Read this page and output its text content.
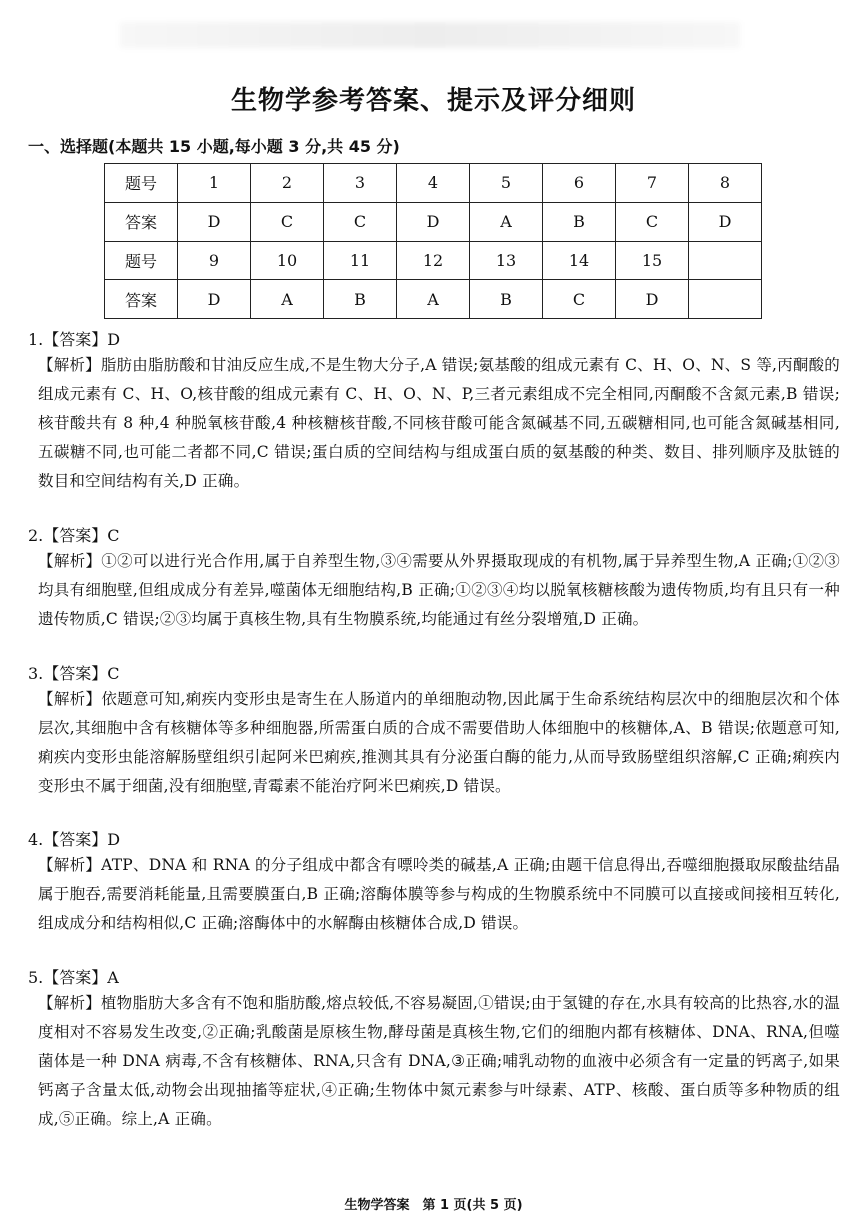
生物学参考答案、提示及评分细则
一、选择题(本题共 15 小题,每小题 3 分,共 45 分)
题号	1	2	3	4	5	6	7	8
答案	D	C	C	D	A	B	C	D
题号	9	10	11	12	13	14	15	
答案	D	A	B	A	B	C	D	
1.【答案】D
【解析】脂肪由脂肪酸和甘油反应生成,不是生物大分子,A 错误;氨基酸的组成元素有 C、H、O、N、S 等,丙酮酸的组成元素有 C、H、O,核苷酸的组成元素有 C、H、O、N、P,三者元素组成不完全相同,丙酮酸不含氮元素,B 错误;核苷酸共有 8 种,4 种脱氧核苷酸,4 种核糖核苷酸,不同核苷酸可能含氮碱基不同,五碳糖相同,也可能含氮碱基相同,五碳糖不同,也可能二者都不同,C 错误;蛋白质的空间结构与组成蛋白质的氨基酸的种类、数目、排列顺序及肽链的数目和空间结构有关,D 正确。
2.【答案】C
【解析】①②可以进行光合作用,属于自养型生物,③④需要从外界摄取现成的有机物,属于异养型生物,A 正确;①②③均具有细胞壁,但组成成分有差异,噬菌体无细胞结构,B 正确;①②③④均以脱氧核糖核酸为遗传物质,均有且只有一种遗传物质,C 错误;②③均属于真核生物,具有生物膜系统,均能通过有丝分裂增殖,D 正确。
3.【答案】C
【解析】依题意可知,痢疾内变形虫是寄生在人肠道内的单细胞动物,因此属于生命系统结构层次中的细胞层次和个体层次,其细胞中含有核糖体等多种细胞器,所需蛋白质的合成不需要借助人体细胞中的核糖体,A、B 错误;依题意可知,痢疾内变形虫能溶解肠壁组织引起阿米巴痢疾,推测其具有分泌蛋白酶的能力,从而导致肠壁组织溶解,C 正确;痢疾内变形虫不属于细菌,没有细胞壁,青霉素不能治疗阿米巴痢疾,D 错误。
4.【答案】D
【解析】ATP、DNA 和 RNA 的分子组成中都含有嘌呤类的碱基,A 正确;由题干信息得出,吞噬细胞摄取尿酸盐结晶属于胞吞,需要消耗能量,且需要膜蛋白,B 正确;溶酶体膜等参与构成的生物膜系统中不同膜可以直接或间接相互转化,组成成分和结构相似,C 正确;溶酶体中的水解酶由核糖体合成,D 错误。
5.【答案】A
【解析】植物脂肪大多含有不饱和脂肪酸,熔点较低,不容易凝固,①错误;由于氢键的存在,水具有较高的比热容,水的温度相对不容易发生改变,②正确;乳酸菌是原核生物,酵母菌是真核生物,它们的细胞内都有核糖体、DNA、RNA,但噬菌体是一种 DNA 病毒,不含有核糖体、RNA,只含有 DNA,③正确;哺乳动物的血液中必须含有一定量的钙离子,如果钙离子含量太低,动物会出现抽搐等症状,④正确;生物体中氮元素参与叶绿素、ATP、核酸、蛋白质等多种物质的组成,⑤正确。综上,A 正确。
生物学答案　第 1 页(共 5 页)
